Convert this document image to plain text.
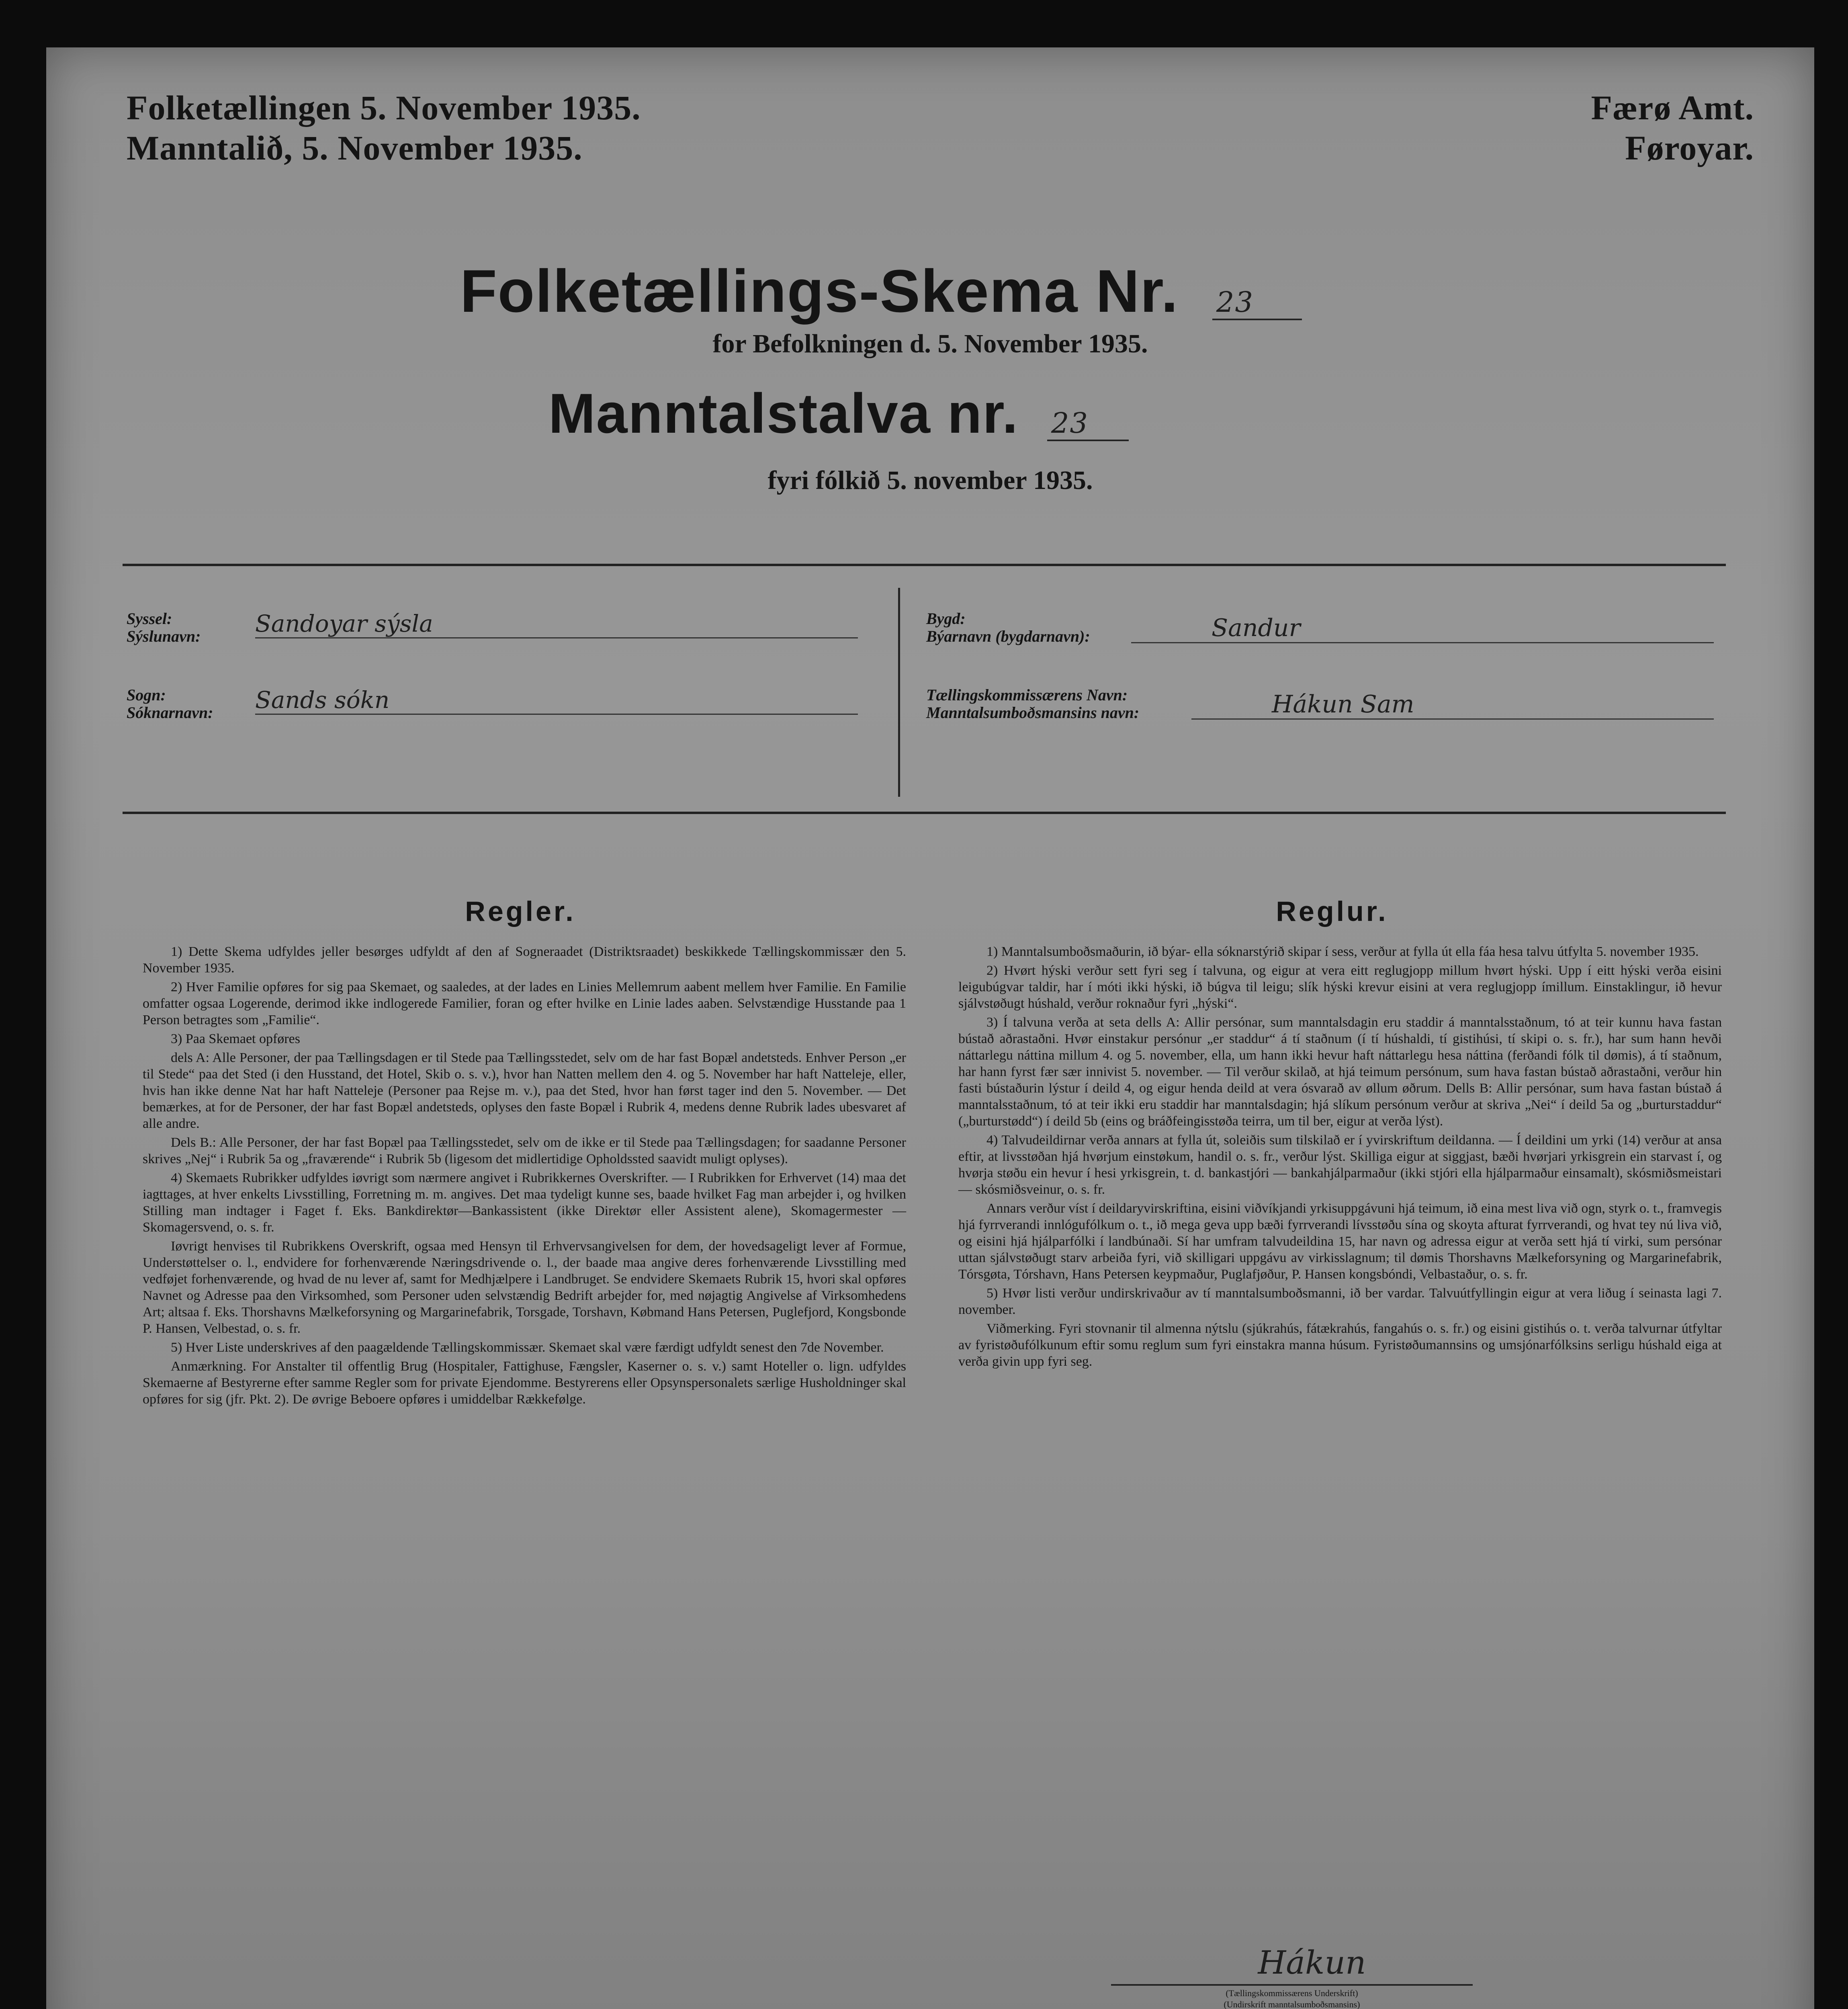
Folketællingen 5. November 1935.
Manntalið, 5. November 1935.
Færø Amt.
Føroyar.
Folketællings-Skema Nr. 23
for Befolkningen d. 5. November 1935.
Manntalstalva nr. 23
fyri fólkið 5. november 1935.
Syssel:
Sýslunavn: Sandoyar sýsla
Sogn:
Sóknarnavn: Sands sókn
Bygd:
Býarnavn (bygdarnavn):	Sandur
Tællingskommissærens Navn:
Manntalsumboðsmansins navn:	Hákun Sam
Regler.

1) Dette Skema udfyldes jeller besørges udfyldt af den af Sogneraadet (Distriktsraadet) beskikkede Tællingskommissær den 5. November 1935.

2) Hver Familie opføres for sig paa Skemaet, og saaledes, at der lades en Linies Mellemrum aabent mellem hver Familie. En Familie omfatter ogsaa Logerende, derimod ikke indlogerede Familier, foran og efter hvilke en Linie lades aaben. Selvstændige Husstande paa 1 Person betragtes som „Familie“.

3) Paa Skemaet opføres

dels A: Alle Personer, der paa Tællingsdagen er til Stede paa Tællingsstedet, selv om de har fast Bopæl andetsteds. Enhver Person „er til Stede“ paa det Sted (i den Husstand, det Hotel, Skib o. s. v.), hvor han Natten mellem den 4. og 5. November har haft Natteleje, eller, hvis han ikke denne Nat har haft Natteleje (Personer paa Rejse m. v.), paa det Sted, hvor han først tager ind den 5. November. — Det bemærkes, at for de Personer, der har fast Bopæl andetsteds, oplyses den faste Bopæl i Rubrik 4, medens denne Rubrik lades ubesvaret af alle andre.

Dels B.: Alle Personer, der har fast Bopæl paa Tællingsstedet, selv om de ikke er til Stede paa Tællingsdagen; for saadanne Personer skrives „Nej“ i Rubrik 5a og „fraværende“ i Rubrik 5b (ligesom det midlertidige Opholdssted saavidt muligt oplyses).

4) Skemaets Rubrikker udfyldes iøvrigt som nærmere angivet i Rubrikkernes Overskrifter. — I Rubrikken for Erhvervet (14) maa det iagttages, at hver enkelts Livsstilling, Forretning m. m. angives. Det maa tydeligt kunne ses, baade hvilket Fag man arbejder i, og hvilken Stilling man indtager i Faget f. Eks. Bankdirektør—Bankassistent (ikke Direktør eller Assistent alene), Skomagermester — Skomagersvend, o. s. fr.

Iøvrigt henvises til Rubrikkens Overskrift, ogsaa med Hensyn til Erhvervsangivelsen for dem, der hovedsageligt lever af Formue, Understøttelser o. l., endvidere for forhenværende Næringsdrivende o. l., der baade maa angive deres forhenværende Livsstilling med vedføjet forhenværende, og hvad de nu lever af, samt for Medhjælpere i Landbruget. Se endvidere Skemaets Rubrik 15, hvori skal opføres Navnet og Adresse paa den Virksomhed, som Personer uden selvstændig Bedrift arbejder for, med nøjagtig Angivelse af Virksomhedens Art; altsaa f. Eks. Thorshavns Mælkeforsyning og Margarinefabrik, Torsgade, Torshavn, Købmand Hans Petersen, Puglefjord, Kongsbonde P. Hansen, Velbestad, o. s. fr.

5) Hver Liste underskrives af den paagældende Tællingskommissær. Skemaet skal være færdigt udfyldt senest den 7de November.

Anmærkning. For Anstalter til offentlig Brug (Hospitaler, Fattighuse, Fængsler, Kaserner o. s. v.) samt Hoteller o. lign. udfyldes Skemaerne af Bestyrerne efter samme Regler som for private Ejendomme. Bestyrerens eller Opsynspersonalets særlige Husholdninger skal opføres for sig (jfr. Pkt. 2). De øvrige Beboere opføres i umiddelbar Rækkefølge.

Reglur.

1) Manntalsumboðsmaðurin, ið býar- ella sóknarstýrið skipar í sess, verður at fylla út ella fáa hesa talvu útfylta 5. november 1935.

2) Hvørt hýski verður sett fyri seg í talvuna, og eigur at vera eitt reglugjopp millum hvørt hýski. Upp í eitt hýski verða eisini leigubúgvar taldir, har í móti ikki hýski, ið búgva til leigu; slík hýski krevur eisini at vera reglugjopp ímillum. Einstaklingur, ið hevur sjálvstøðugt húshald, verður roknaður fyri „hýski“.

3) Í talvuna verða at seta dells A: Allir persónar, sum manntalsdagin eru staddir á manntalsstaðnum, tó at teir kunnu hava fastan bústað aðrastaðni. Hvør einstakur persónur „er staddur“ á tí staðnum (í tí húshaldi, tí gistihúsi, tí skipi o. s. fr.), har sum hann hevði náttarlegu náttina millum 4. og 5. november, ella, um hann ikki hevur haft náttarlegu hesa náttina (ferðandi fólk til dømis), á tí staðnum, har hann fyrst fær sær innivist 5. november. — Til verður skilað, at hjá teimum persónum, sum hava fastan bústað aðrastaðni, verður hin fasti bústaðurin lýstur í deild 4, og eigur henda deild at vera ósvarað av øllum øðrum. Dells B: Allir persónar, sum hava fastan bústað á manntalsstaðnum, tó at teir ikki eru staddir har manntalsdagin; hjá slíkum persónum verður at skriva „Nei“ í deild 5a og „burturstaddur“ („burturstødd“) í deild 5b (eins og bráðfeingisstøða teirra, um til ber, eigur at verða lýst).

4) Talvudeildirnar verða annars at fylla út, soleiðis sum tilskilað er í yvirskriftum deildanna. — Í deildini um yrki (14) verður at ansa eftir, at livsstøðan hjá hvørjum einstøkum, handil o. s. fr., verður lýst. Skilliga eigur at siggjast, bæði hvørjari yrkisgrein ein starvast í, og hvørja støðu ein hevur í hesi yrkisgrein, t. d. bankastjóri — bankahjálparmaður (ikki stjóri ella hjálparmaður einsamalt), skósmiðsmeistari — skósmiðsveinur, o. s. fr.

Annars verður víst í deildaryvirskriftina, eisini viðvíkjandi yrkisuppgávuni hjá teimum, ið eina mest liva við ogn, styrk o. t., framvegis hjá fyrrverandi innlógufólkum o. t., ið mega geva upp bæði fyrrverandi lívsstøðu sína og skoyta afturat fyrrverandi, og hvat tey nú liva við, og eisini hjá hjálparfólki í landbúnaði. Sí har umfram talvudeildina 15, har navn og adressa eigur at verða sett hjá tí virki, sum persónar uttan sjálvstøðugt starv arbeiða fyri, við skilligari uppgávu av virkisslagnum; til dømis Thorshavns Mælkeforsyning og Margarinefabrik, Tórsgøta, Tórshavn, Hans Petersen keypmaður, Puglafjøður, P. Hansen kongsbóndi, Velbastaður, o. s. fr.

5) Hvør listi verður undirskrivaður av tí manntalsumboðsmanni, ið ber vardar. Talvuútfyllingin eigur at vera liðug í seinasta lagi 7. november.

Viðmerking. Fyri stovnanir til almenna nýtslu (sjúkrahús, fátækrahús, fangahús o. s. fr.) og eisini gistihús o. t. verða talvurnar útfyltar av fyristøðufólkunum eftir somu reglum sum fyri einstakra manna húsum. Fyristøðumannsins og umsjónarfólksins serligu húshald eiga at verða givin upp fyri seg.

Hákun
(Tællingskommissærens Underskrift)
(Undirskrift manntalsumboðsmansins)
